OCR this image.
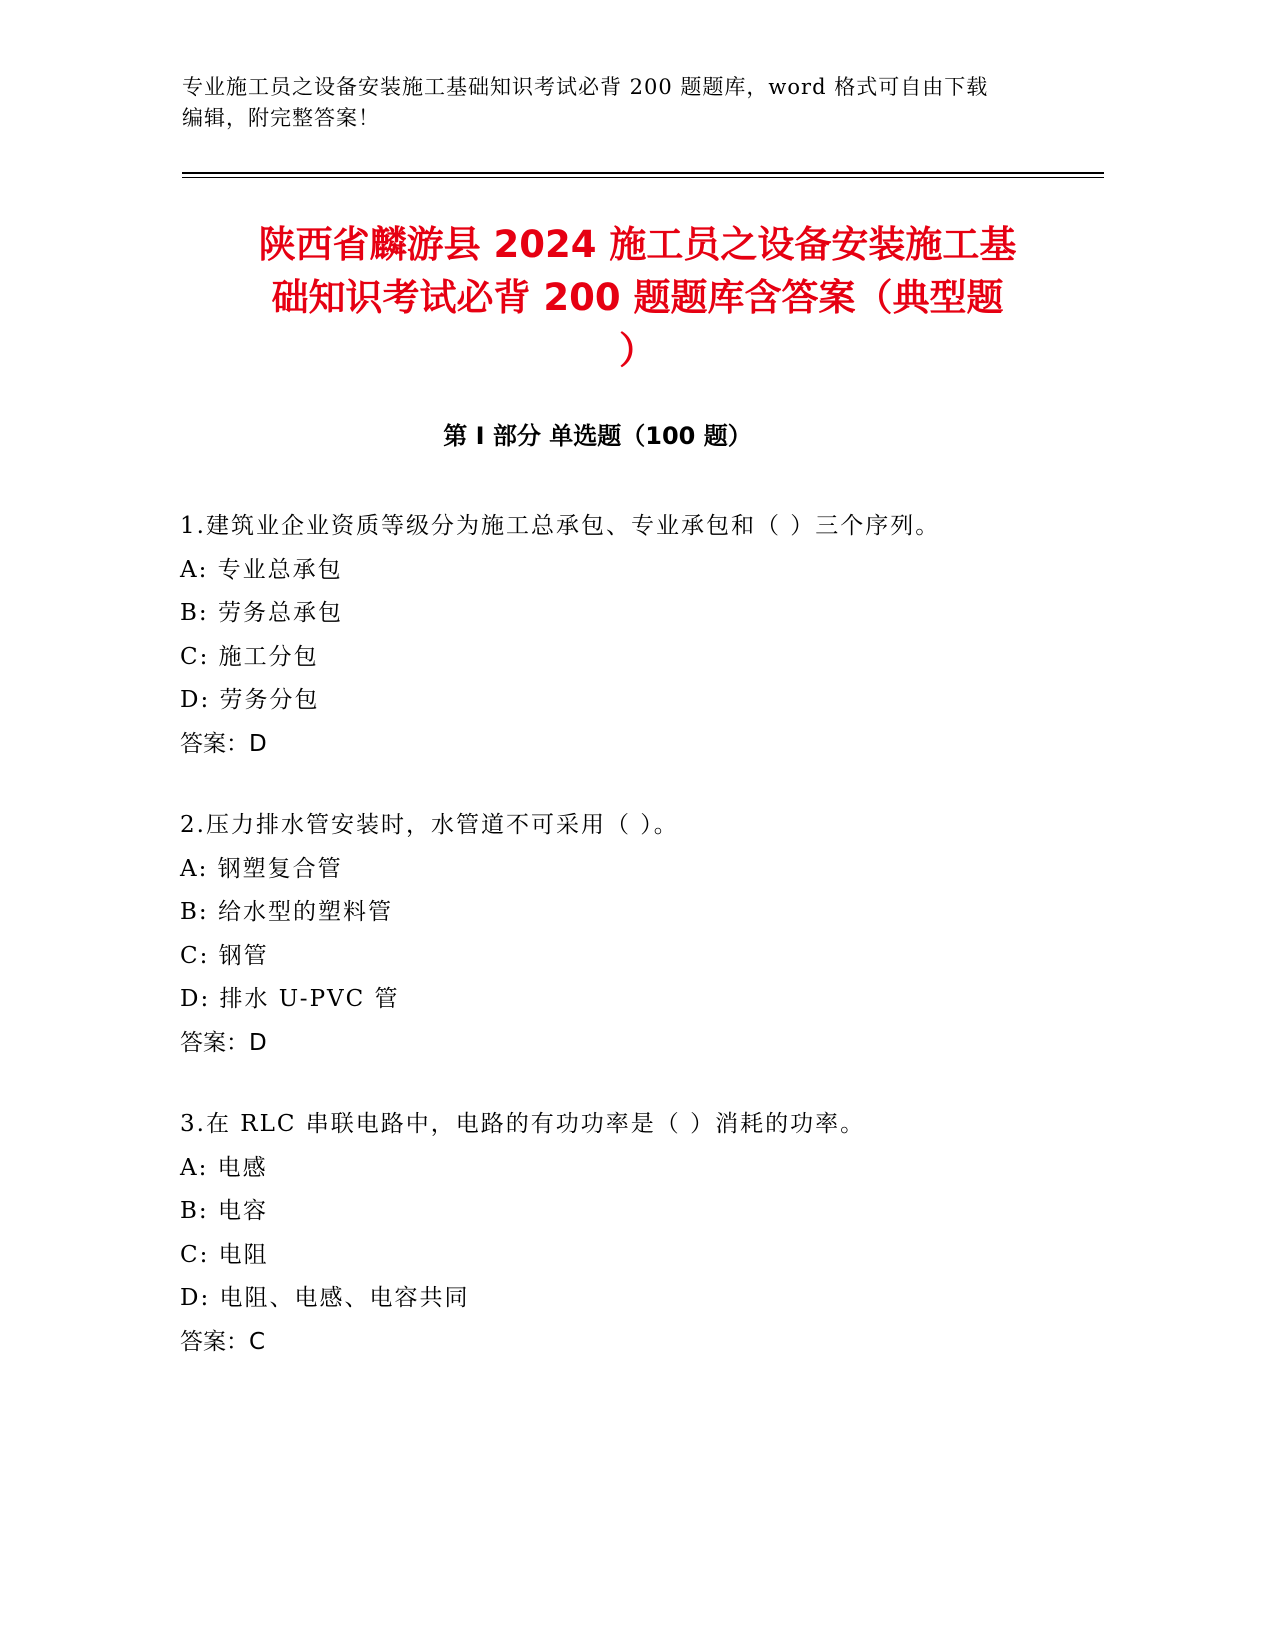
专业施工员之设备安装施工基础知识考试必背 200 题题库，word 格式可自由下载
编辑，附完整答案！
陕西省麟游县 2024 施工员之设备安装施工基
础知识考试必背 200 题题库含答案（典型题
）
第 I 部分 单选题（100 题）
1.建筑业企业资质等级分为施工总承包、专业承包和（ ）三个序列。
A: 专业总承包
B: 劳务总承包
C: 施工分包
D: 劳务分包
答案：D
2.压力排水管安装时，水管道不可采用（ ）。
A: 钢塑复合管
B: 给水型的塑料管
C: 钢管
D: 排水 U-PVC 管
答案：D
3.在 RLC 串联电路中，电路的有功功率是（ ）消耗的功率。
A: 电感
B: 电容
C: 电阻
D: 电阻、电感、电容共同
答案：C
